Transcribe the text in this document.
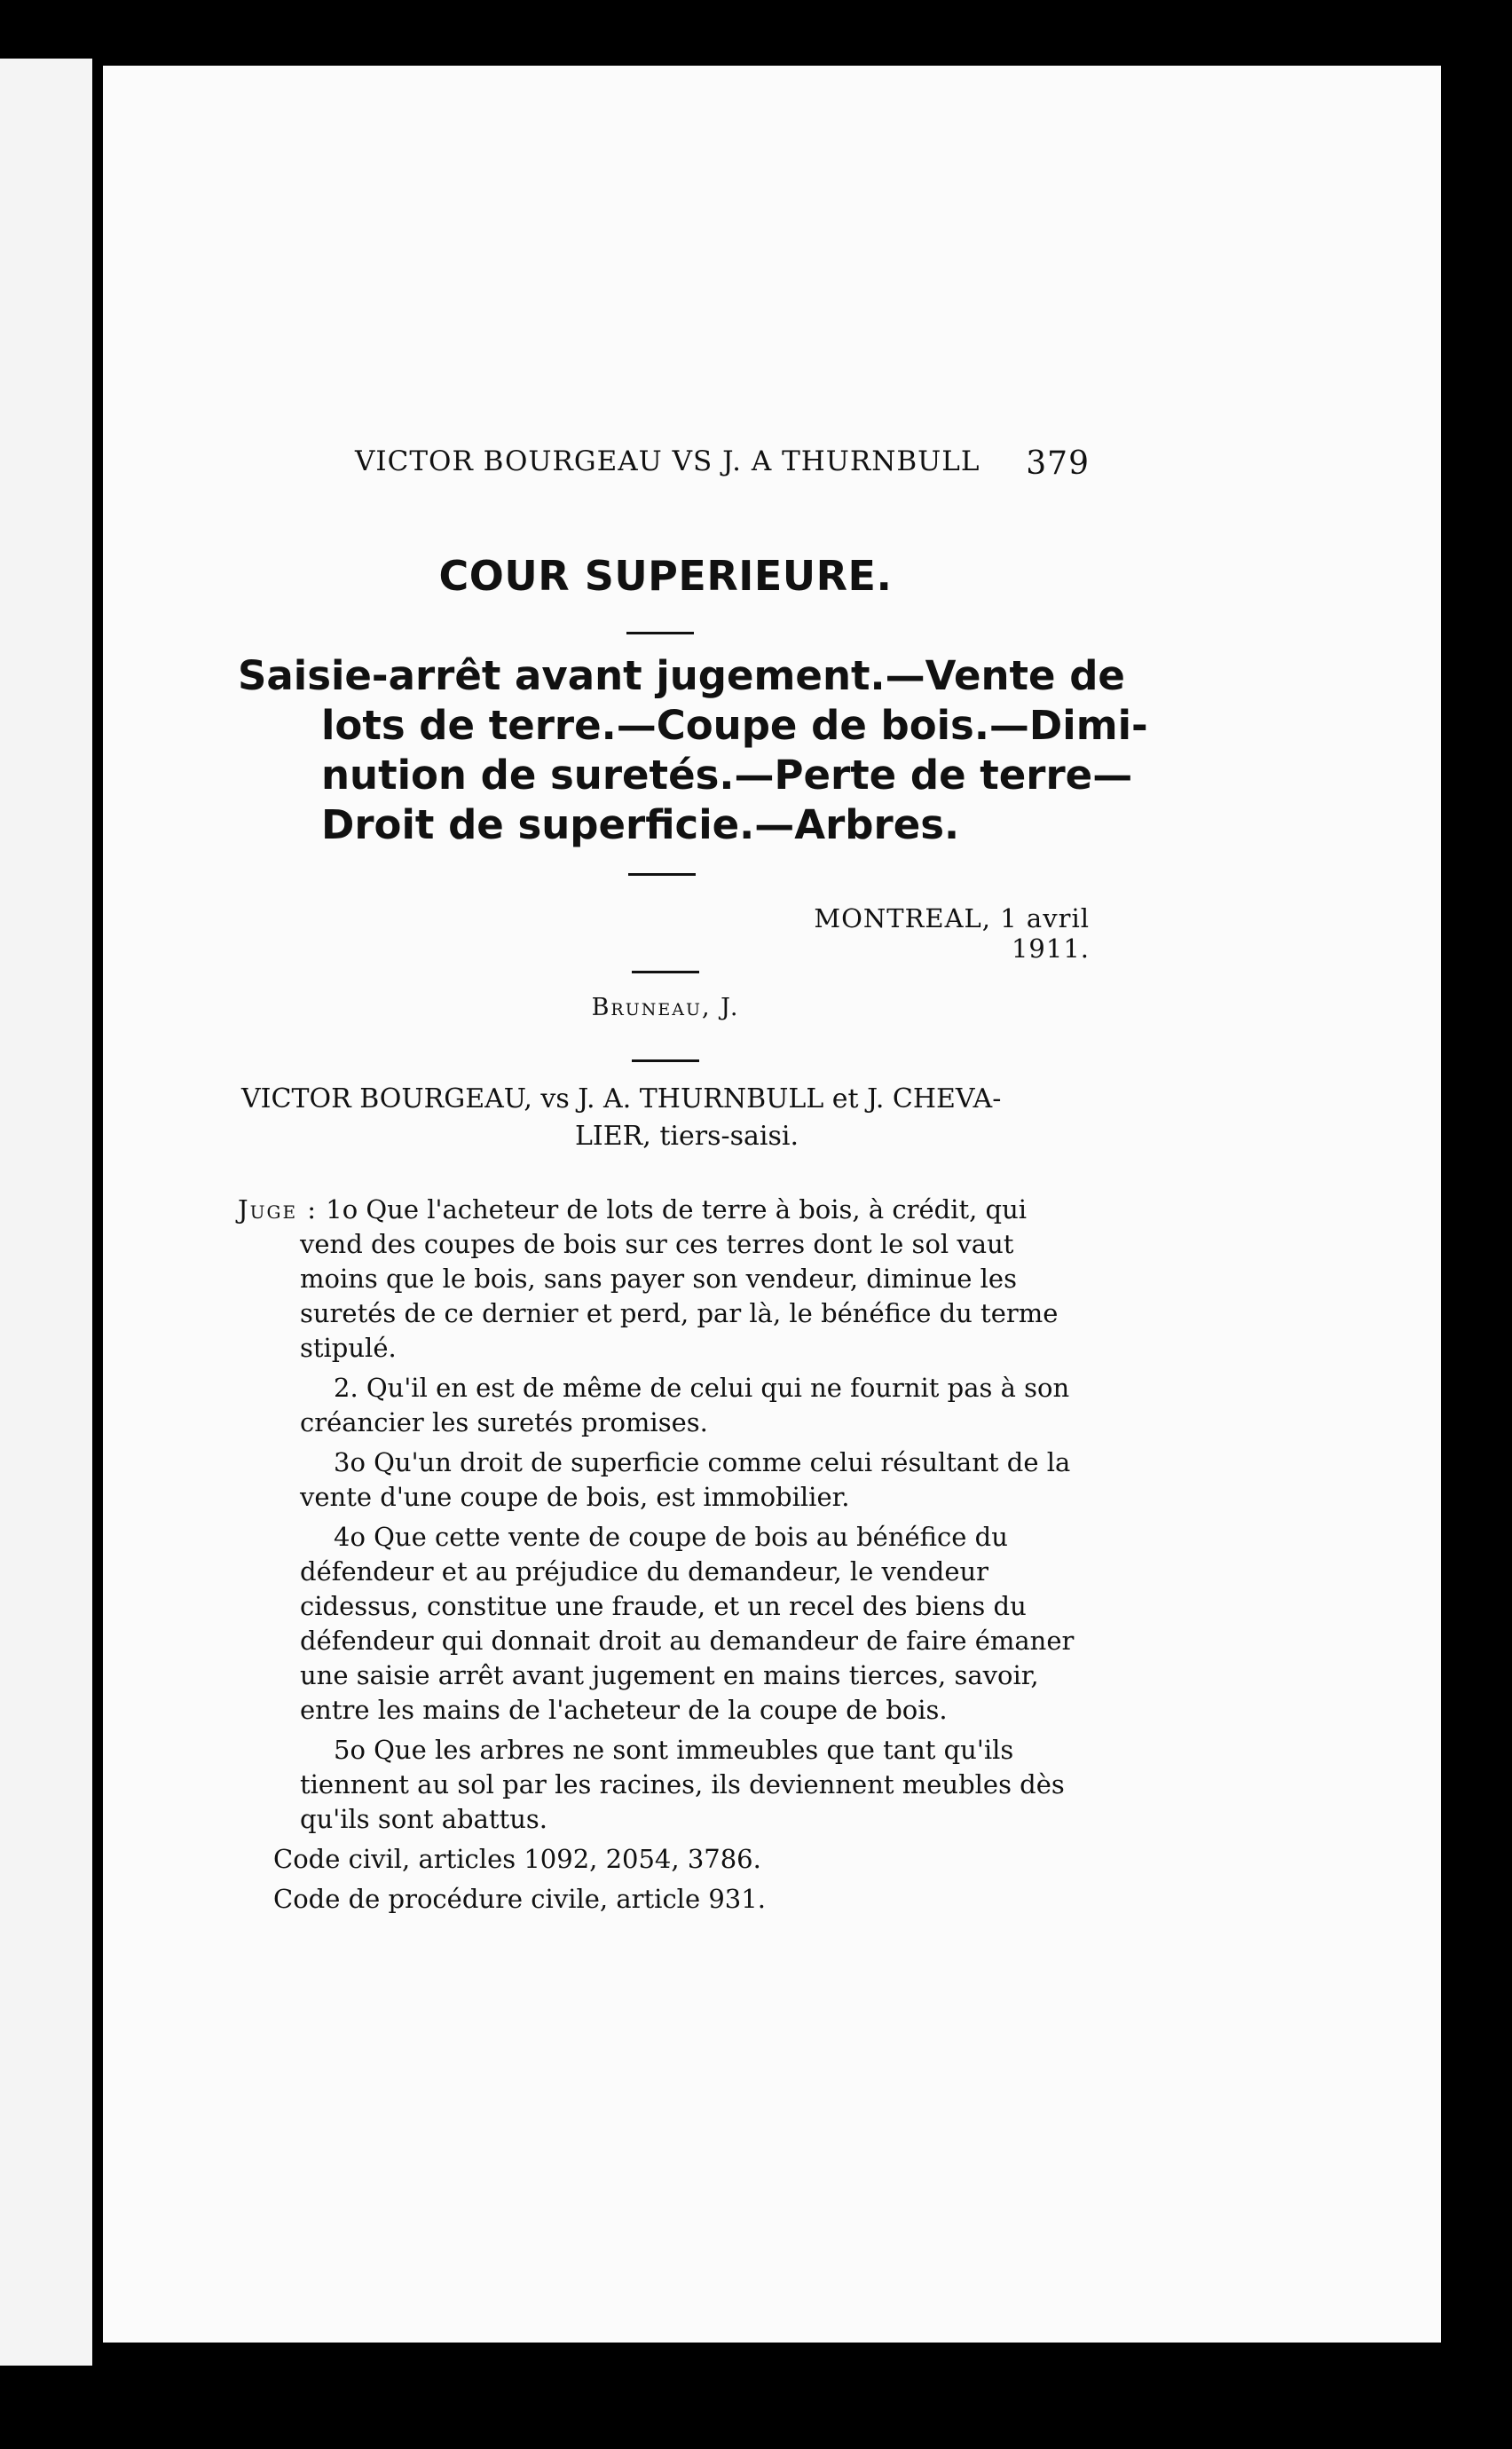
VICTOR BOURGEAU VS J. A THURNBULL 379
COUR SUPERIEURE.
Saisie-arrêt avant jugement.—Vente de
lots de terre.—Coupe de bois.—Dimi-
nution de suretés.—Perte de terre—
Droit de superficie.—Arbres.
MONTREAL, 1 avril 1911.
Bruneau, J.
VICTOR BOURGEAU, vs J. A. THURNBULL et J. CHEVA-
LIER, tiers-saisi.

Juge : 1o Que l'acheteur de lots de terre à bois, à crédit, qui vend des coupes de bois sur ces terres dont le sol vaut moins que le bois, sans payer son vendeur, diminue les suretés de ce dernier et perd, par là, le bénéfice du terme stipulé.

2. Qu'il en est de même de celui qui ne fournit pas à son créancier les suretés promises.

3o Qu'un droit de superficie comme celui résultant de la vente d'une coupe de bois, est immobilier.

4o Que cette vente de coupe de bois au bénéfice du défendeur et au préjudice du demandeur, le vendeur cidessus, constitue une fraude, et un recel des biens du défendeur qui donnait droit au demandeur de faire émaner une saisie arrêt avant jugement en mains tierces, savoir, entre les mains de l'acheteur de la coupe de bois.

5o Que les arbres ne sont immeubles que tant qu'ils tiennent au sol par les racines, ils deviennent meubles dès qu'ils sont abattus.

Code civil, articles 1092, 2054, 3786.

Code de procédure civile, article 931.
